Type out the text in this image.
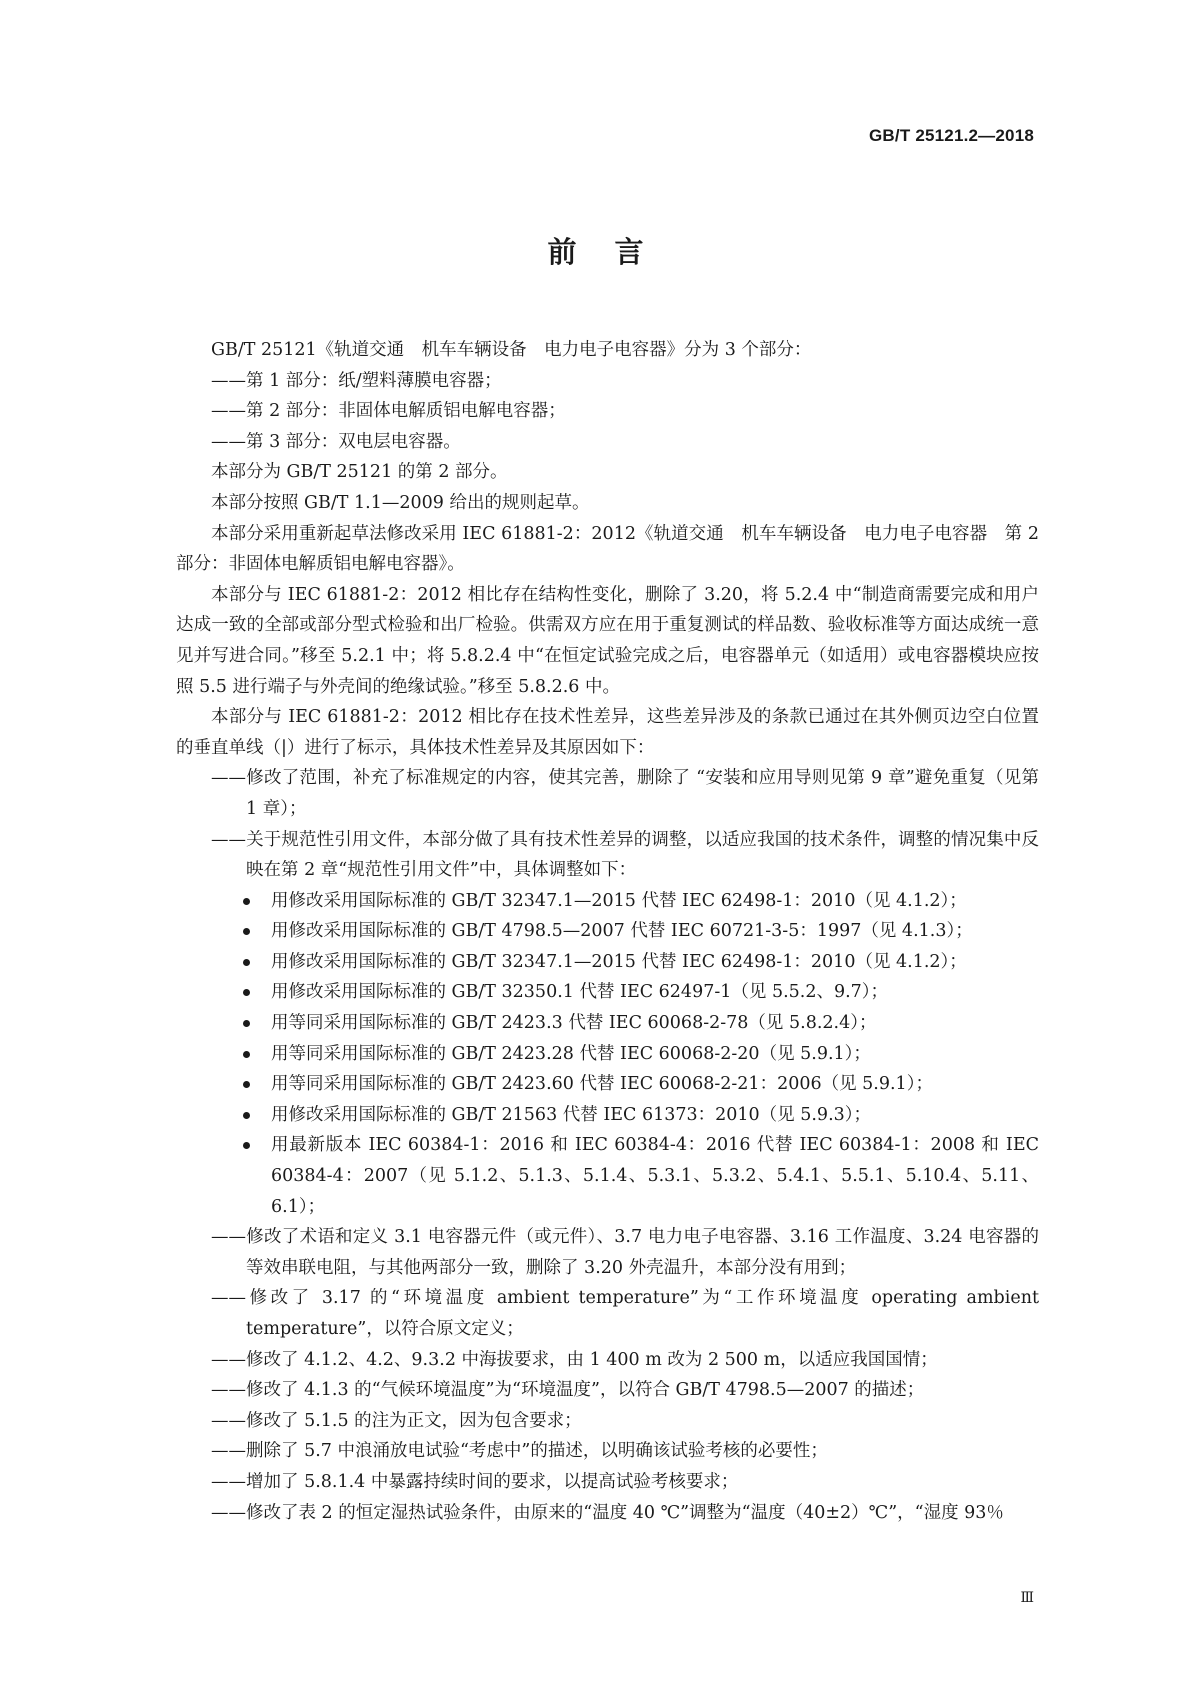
GB/T 25121.2—2018
前言
GB/T 25121《轨道交通　机车车辆设备　电力电子电容器》分为 3 个部分：
——第 1 部分：纸/塑料薄膜电容器；
——第 2 部分：非固体电解质铝电解电容器；
——第 3 部分：双电层电容器。
本部分为 GB/T 25121 的第 2 部分。
本部分按照 GB/T 1.1—2009 给出的规则起草。
本部分采用重新起草法修改采用 IEC 61881-2：2012《轨道交通　机车车辆设备　电力电子电容器　第 2 部分：非固体电解质铝电解电容器》。
本部分与 IEC 61881-2：2012 相比存在结构性变化，删除了 3.20，将 5.2.4 中“制造商需要完成和用户达成一致的全部或部分型式检验和出厂检验。供需双方应在用于重复测试的样品数、验收标准等方面达成统一意见并写进合同。”移至 5.2.1 中；将 5.8.2.4 中“在恒定试验完成之后，电容器单元（如适用）或电容器模块应按照 5.5 进行端子与外壳间的绝缘试验。”移至 5.8.2.6 中。
本部分与 IEC 61881-2：2012 相比存在技术性差异，这些差异涉及的条款已通过在其外侧页边空白位置的垂直单线（|）进行了标示，具体技术性差异及其原因如下：
——修改了范围，补充了标准规定的内容，使其完善，删除了 “安装和应用导则见第 9 章”避免重复（见第 1 章）；
——关于规范性引用文件，本部分做了具有技术性差异的调整，以适应我国的技术条件，调整的情况集中反映在第 2 章“规范性引用文件”中，具体调整如下：
用修改采用国际标准的 GB/T 32347.1—2015 代替 IEC 62498-1：2010（见 4.1.2）；
用修改采用国际标准的 GB/T 4798.5—2007 代替 IEC 60721-3-5：1997（见 4.1.3）；
用修改采用国际标准的 GB/T 32347.1—2015 代替 IEC 62498-1：2010（见 4.1.2）；
用修改采用国际标准的 GB/T 32350.1 代替 IEC 62497-1（见 5.5.2、9.7）；
用等同采用国际标准的 GB/T 2423.3 代替 IEC 60068-2-78（见 5.8.2.4）；
用等同采用国际标准的 GB/T 2423.28 代替 IEC 60068-2-20（见 5.9.1）；
用等同采用国际标准的 GB/T 2423.60 代替 IEC 60068-2-21：2006（见 5.9.1）；
用修改采用国际标准的 GB/T 21563 代替 IEC 61373：2010（见 5.9.3）；
用最新版本 IEC 60384-1：2016 和 IEC 60384-4：2016 代替 IEC 60384-1：2008 和 IEC 60384-4：2007（见 5.1.2、5.1.3、5.1.4、5.3.1、5.3.2、5.4.1、5.5.1、5.10.4、5.11、6.1）；
——修改了术语和定义 3.1 电容器元件（或元件）、3.7 电力电子电容器、3.16 工作温度、3.24 电容器的等效串联电阻，与其他两部分一致，删除了 3.20 外壳温升，本部分没有用到；
——修改了 3.17 的“环境温度 ambient temperature”为“工作环境温度 operating ambient temperature”，以符合原文定义；
——修改了 4.1.2、4.2、9.3.2 中海拔要求，由 1 400 m 改为 2 500 m，以适应我国国情；
——修改了 4.1.3 的“气候环境温度”为“环境温度”，以符合 GB/T 4798.5—2007 的描述；
——修改了 5.1.5 的注为正文，因为包含要求；
——删除了 5.7 中浪涌放电试验“考虑中”的描述，以明确该试验考核的必要性；
——增加了 5.8.1.4 中暴露持续时间的要求，以提高试验考核要求；
——修改了表 2 的恒定湿热试验条件，由原来的“温度 40 ℃”调整为“温度（40±2）℃”，“湿度 93％
Ⅲ
